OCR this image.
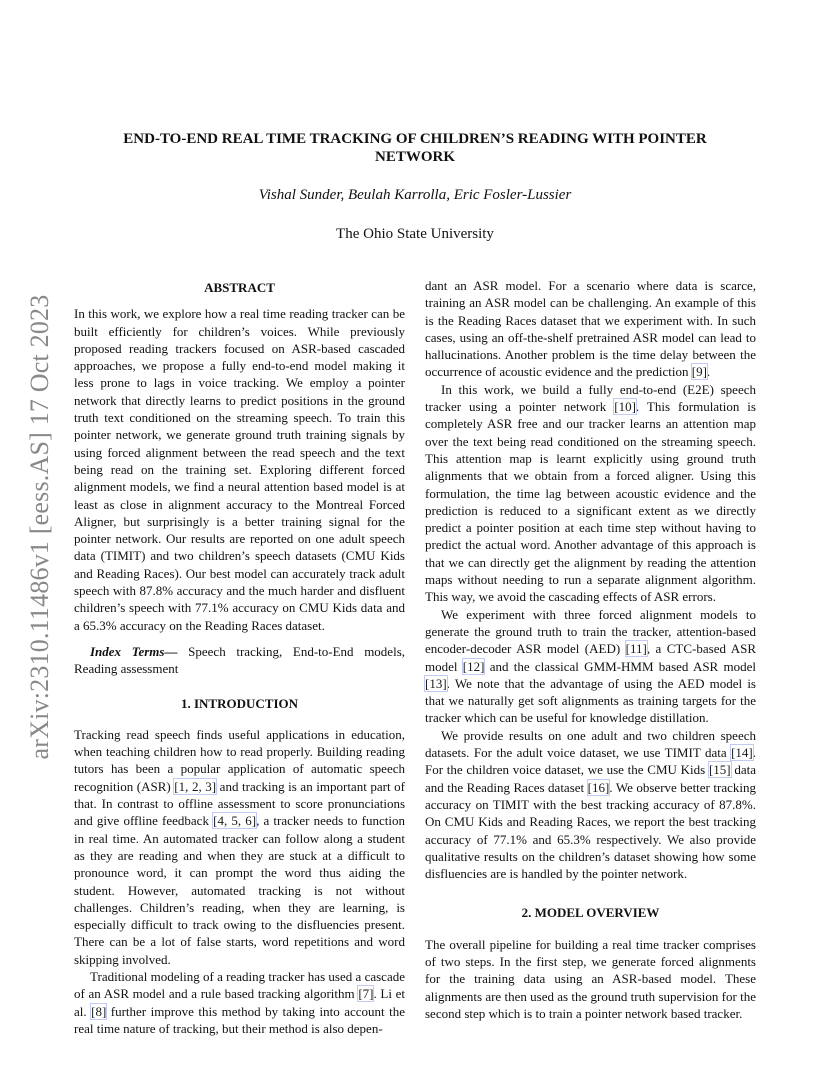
arXiv:2310.11486v1 [eess.AS] 17 Oct 2023
END-TO-END REAL TIME TRACKING OF CHILDREN’S READING WITH POINTER
NETWORK
Vishal Sunder, Beulah Karrolla, Eric Fosler-Lussier
The Ohio State University
ABSTRACT

In this work, we explore how a real time reading tracker can be built efficiently for children’s voices. While previously proposed reading trackers focused on ASR-based cascaded approaches, we propose a fully end-to-end model making it less prone to lags in voice tracking. We employ a pointer network that directly learns to predict positions in the ground truth text conditioned on the streaming speech. To train this pointer network, we generate ground truth training signals by using forced alignment between the read speech and the text being read on the training set. Exploring different forced alignment models, we find a neural attention based model is at least as close in alignment accuracy to the Montreal Forced Aligner, but surprisingly is a better training signal for the pointer network. Our results are reported on one adult speech data (TIMIT) and two children’s speech datasets (CMU Kids and Reading Races). Our best model can accurately track adult speech with 87.8% accuracy and the much harder and disfluent children’s speech with 77.1% accuracy on CMU Kids data and a 65.3% accuracy on the Reading Races dataset.

Index Terms— Speech tracking, End-to-End models, Reading assessment

1. INTRODUCTION

Tracking read speech finds useful applications in education, when teaching children how to read properly. Building reading tutors has been a popular application of automatic speech recognition (ASR) [1, 2, 3] and tracking is an important part of that. In contrast to offline assessment to score pronunciations and give offline feedback [4, 5, 6], a tracker needs to function in real time. An automated tracker can follow along a student as they are reading and when they are stuck at a difficult to pronounce word, it can prompt the word thus aiding the student. However, automated tracking is not without challenges. Children’s reading, when they are learning, is especially difficult to track owing to the disfluencies present. There can be a lot of false starts, word repetitions and word skipping involved.

Traditional modeling of a reading tracker has used a cascade of an ASR model and a rule based tracking algorithm [7]. Li et al. [8] further improve this method by taking into account the real time nature of tracking, but their method is also depen-

dant an ASR model. For a scenario where data is scarce, training an ASR model can be challenging. An example of this is the Reading Races dataset that we experiment with. In such cases, using an off-the-shelf pretrained ASR model can lead to hallucinations. Another problem is the time delay between the occurrence of acoustic evidence and the prediction [9].

In this work, we build a fully end-to-end (E2E) speech tracker using a pointer network [10]. This formulation is completely ASR free and our tracker learns an attention map over the text being read conditioned on the streaming speech. This attention map is learnt explicitly using ground truth alignments that we obtain from a forced aligner. Using this formulation, the time lag between acoustic evidence and the prediction is reduced to a significant extent as we directly predict a pointer position at each time step without having to predict the actual word. Another advantage of this approach is that we can directly get the alignment by reading the attention maps without needing to run a separate alignment algorithm. This way, we avoid the cascading effects of ASR errors.

We experiment with three forced alignment models to generate the ground truth to train the tracker, attention-based encoder-decoder ASR model (AED) [11], a CTC-based ASR model [12] and the classical GMM-HMM based ASR model [13]. We note that the advantage of using the AED model is that we naturally get soft alignments as training targets for the tracker which can be useful for knowledge distillation.

We provide results on one adult and two children speech datasets. For the adult voice dataset, we use TIMIT data [14]. For the children voice dataset, we use the CMU Kids [15] data and the Reading Races dataset [16]. We observe better tracking accuracy on TIMIT with the best tracking accuracy of 87.8%. On CMU Kids and Reading Races, we report the best tracking accuracy of 77.1% and 65.3% respectively. We also provide qualitative results on the children’s dataset showing how some disfluencies are is handled by the pointer network.

2. MODEL OVERVIEW

The overall pipeline for building a real time tracker comprises of two steps. In the first step, we generate forced alignments for the training data using an ASR-based model. These alignments are then used as the ground truth supervision for the second step which is to train a pointer network based tracker.
